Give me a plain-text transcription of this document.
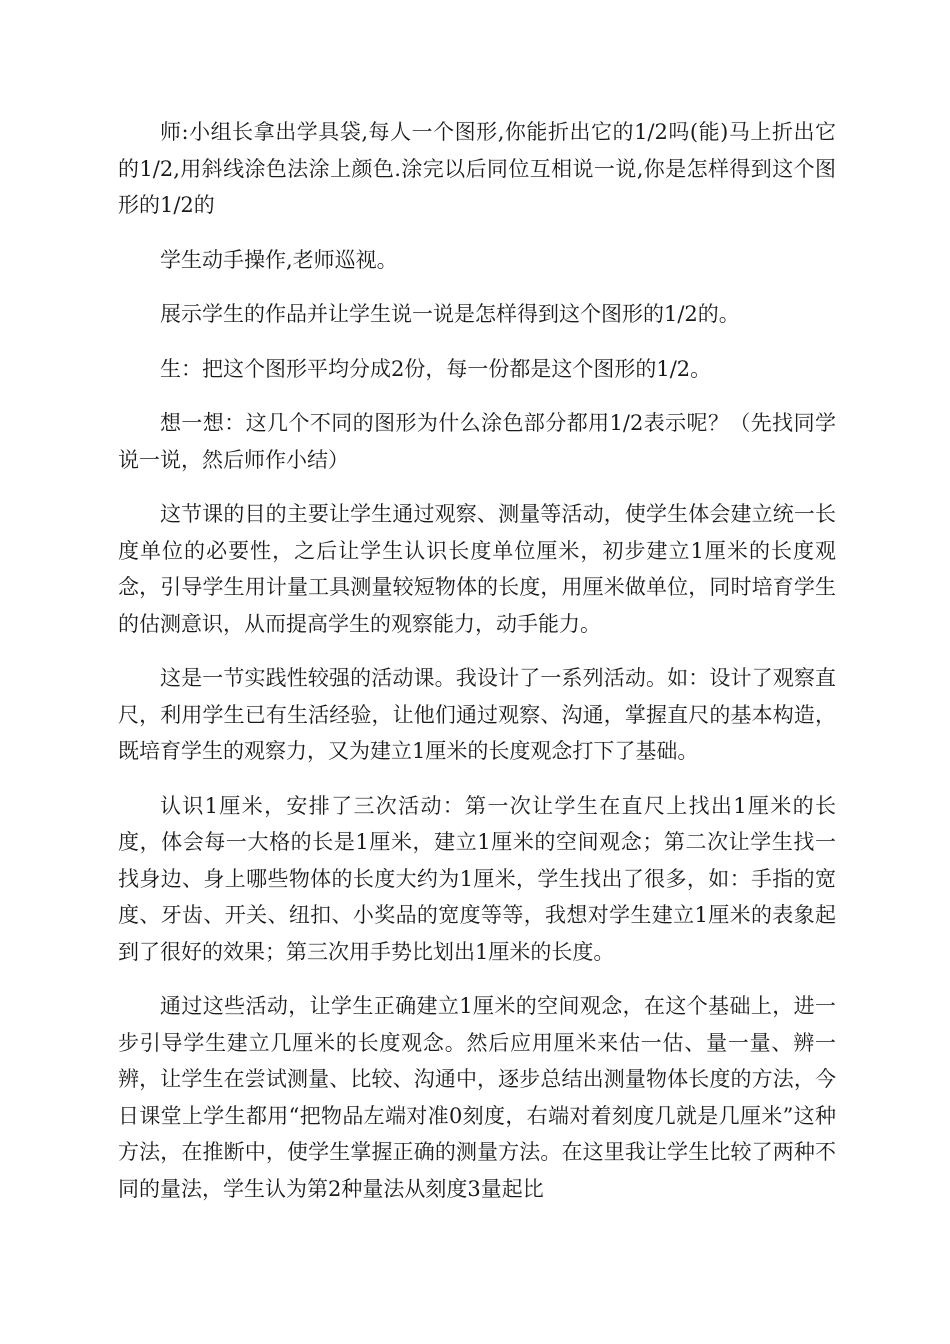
师:小组长拿出学具袋,每人一个图形,你能折出它的1/2吗(能)马上折出它的1/2,用斜线涂色法涂上颜色.涂完以后同位互相说一说,你是怎样得到这个图形的1/2的

学生动手操作,老师巡视。

展示学生的作品并让学生说一说是怎样得到这个图形的1/2的。

生：把这个图形平均分成2份，每一份都是这个图形的1/2。

想一想：这几个不同的图形为什么涂色部分都用1/2表示呢？（先找同学说一说，然后师作小结）

这节课的目的主要让学生通过观察、测量等活动，使学生体会建立统一长度单位的必要性，之后让学生认识长度单位厘米，初步建立1厘米的长度观念，引导学生用计量工具测量较短物体的长度，用厘米做单位，同时培育学生的估测意识，从而提高学生的观察能力，动手能力。

这是一节实践性较强的活动课。我设计了一系列活动。如：设计了观察直尺，利用学生已有生活经验，让他们通过观察、沟通，掌握直尺的基本构造，既培育学生的观察力，又为建立1厘米的长度观念打下了基础。

认识1厘米，安排了三次活动：第一次让学生在直尺上找出1厘米的长度，体会每一大格的长是1厘米，建立1厘米的空间观念；第二次让学生找一找身边、身上哪些物体的长度大约为1厘米，学生找出了很多，如：手指的宽度、牙齿、开关、纽扣、小奖品的宽度等等，我想对学生建立1厘米的表象起到了很好的效果；第三次用手势比划出1厘米的长度。

通过这些活动，让学生正确建立1厘米的空间观念，在这个基础上，进一步引导学生建立几厘米的长度观念。然后应用厘米来估一估、量一量、辨一辨，让学生在尝试测量、比较、沟通中，逐步总结出测量物体长度的方法，今日课堂上学生都用“把物品左端对准0刻度，右端对着刻度几就是几厘米”这种方法，在推断中，使学生掌握正确的测量方法。在这里我让学生比较了两种不同的量法，学生认为第2种量法从刻度3量起比
